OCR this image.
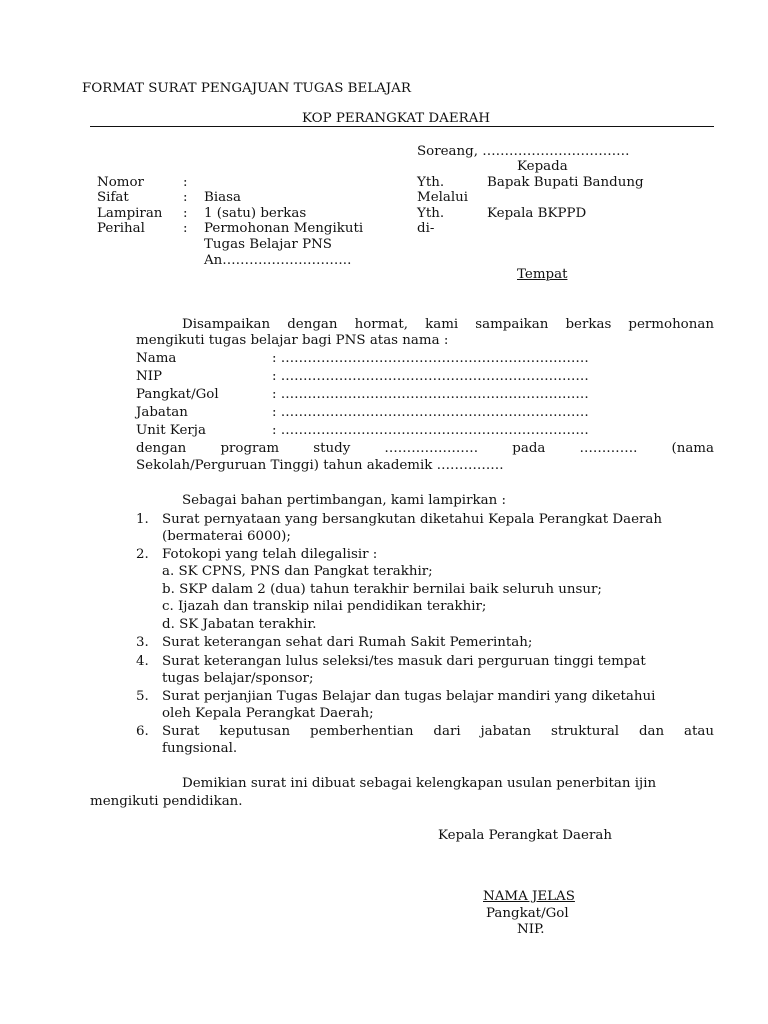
FORMAT SURAT PENGAJUAN TUGAS BELAJAR
KOP PERANGKAT DAERAH
Soreang, ……………………………
Kepada
Yth.	Bapak Bupati Bandung
Melalui
Yth.	Kepala BKPPD
di-
Tempat
Nomor	:
Sifat	: Biasa
Lampiran : 1 (satu) berkas
Perihal	: Permohonan Mengikuti
Tugas Belajar PNS
An………………………..
Disampaikan dengan hormat, kami sampaikan berkas permohonan
mengikuti tugas belajar bagi PNS atas nama :
Nama	: ……………………………………………………………
NIP	: ……………………………………………………………
Pangkat/Gol	: ……………………………………………………………
Jabatan	: ……………………………………………………………
Unit Kerja	: ……………………………………………………………
dengan	program	study	…………………	pada	………….	(nama
Sekolah/Perguruan Tinggi) tahun akademik ……………
Sebagai bahan pertimbangan, kami lampirkan :
1. Surat pernyataan yang bersangkutan diketahui Kepala Perangkat Daerah
(bermaterai 6000);
2. Fotokopi yang telah dilegalisir :
a. SK CPNS, PNS dan Pangkat terakhir;
b. SKP dalam 2 (dua) tahun terakhir bernilai baik seluruh unsur;
c. Ijazah dan transkip nilai pendidikan terakhir;
d. SK Jabatan terakhir.
3. Surat keterangan sehat dari Rumah Sakit Pemerintah;
4. Surat keterangan lulus seleksi/tes masuk dari perguruan tinggi tempat
tugas belajar/sponsor;
5. Surat perjanjian Tugas Belajar dan tugas belajar mandiri yang diketahui
oleh Kepala Perangkat Daerah;
6. Surat keputusan pemberhentian dari jabatan struktural dan atau
fungsional.
Demikian surat ini dibuat sebagai kelengkapan usulan penerbitan ijin
mengikuti pendidikan.
Kepala Perangkat Daerah
NAMA JELAS
Pangkat/Gol
NIP.
